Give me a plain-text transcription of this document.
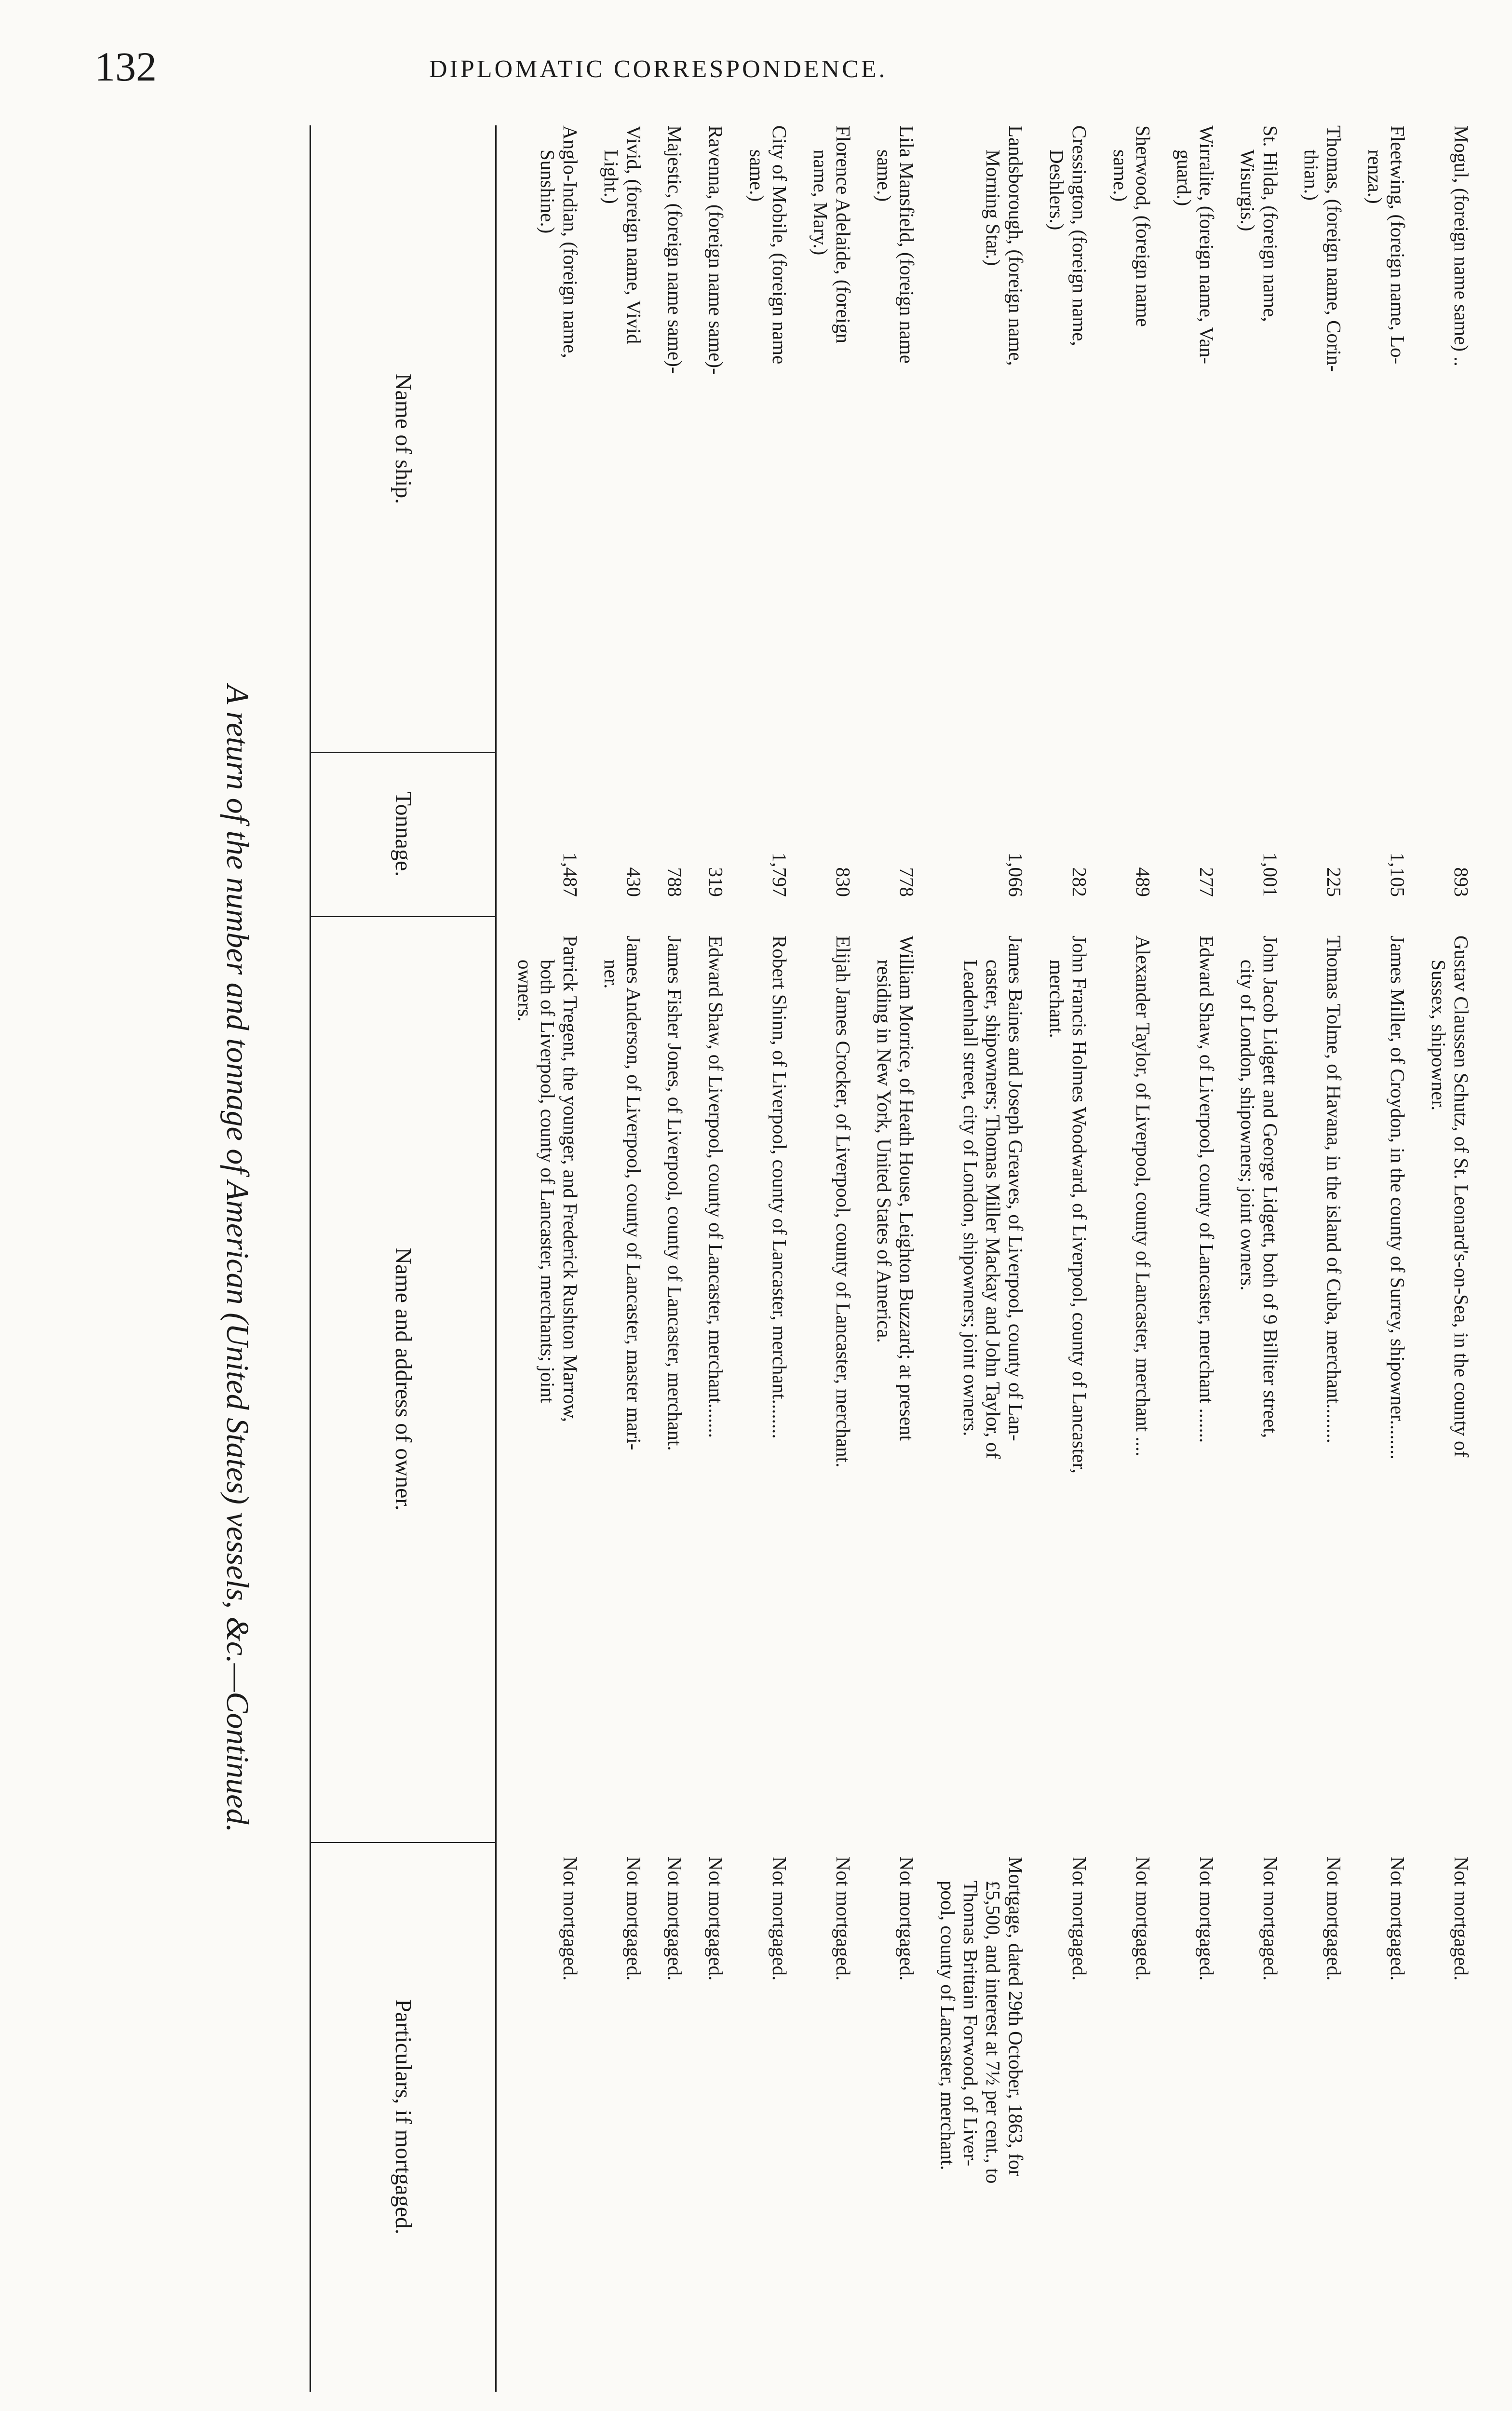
132	DIPLOMATIC CORRESPONDENCE.
A return of the number and tonnage of American (United States) vessels, &c.—Continued.
Name of ship.
Tonnage.
Name and address of owner.
Particulars, if mortgaged.
Anglo-Indian, (foreign name,
Sunshine.)
1,487
Patrick Tregent, the younger, and Frederick Rushton Marrow,
both of Liverpool, county of Lancaster, merchants; joint
owners.
Not mortgaged.
Vivid, (foreign name, Vivid
Light.)
430
James Anderson, of Liverpool, county of Lancaster, master mari-
ner.
Not mortgaged.
Majestic, (foreign name same)-
788
James Fisher Jones, of Liverpool, county of Lancaster, merchant.
Not mortgaged.
Ravenna, (foreign name same)-
319
Edward Shaw, of Liverpool, county of Lancaster, merchant.......
Not mortgaged.
City of Mobile, (foreign name
same.)
1,797
Robert Shinn, of Liverpool, county of Lancaster, merchant........
Not mortgaged.
Florence Adelaide, (foreign
name, Mary.)
830
Elijah James Crocker, of Liverpool, county of Lancaster, merchant.
Not mortgaged.
Lila Mansfield, (foreign name
same.)
778
William Morrice, of Heath House, Leighton Buzzard; at present
residing in New York, United States of America.
Not mortgaged.
Landsborough, (foreign name,
Morning Star.)
1,066
James Baines and Joseph Greaves, of Liverpool, county of Lan-
caster, shipowners; Thomas Miller Mackay and John Taylor, of
Leadenhall street, city of London, shipowners; joint owners.
Mortgage, dated 29th October, 1863, for
£5,500, and interest at 7½ per cent., to
Thomas Brittain Forwood, of Liver-
pool, county of Lancaster, merchant.
Cressington, (foreign name,
Deshlers.)
282
John Francis Holmes Woodward, of Liverpool, county of Lancaster,
merchant.
Not mortgaged.
Sherwood, (foreign name
same.)
489
Alexander Taylor, of Liverpool, county of Lancaster, merchant ....
Not mortgaged.
Wirralite, (foreign name, Van-
guard.)
277
Edward Shaw, of Liverpool, county of Lancaster, merchant .......
Not mortgaged.
St. Hilda, (foreign name,
Wisurgis.)
1,001
John Jacob Lidgett and George Lidgett, both of 9 Billiter street,
city of London, shipowners; joint owners.
Not mortgaged.
Thomas, (foreign name, Corin-
thian.)
225
Thomas Tolme, of Havana, in the island of Cuba, merchant........
Not mortgaged.
Fleetwing, (foreign name, Lo-
renza.)
1,105
James Miller, of Croydon, in the county of Surrey, shipowner........
Not mortgaged.
Mogul, (foreign name same) ..
893
Gustav Claussen Schutz, of St. Leonard's-on-Sea, in the county of
Sussex, shipowner.
Not mortgaged.
